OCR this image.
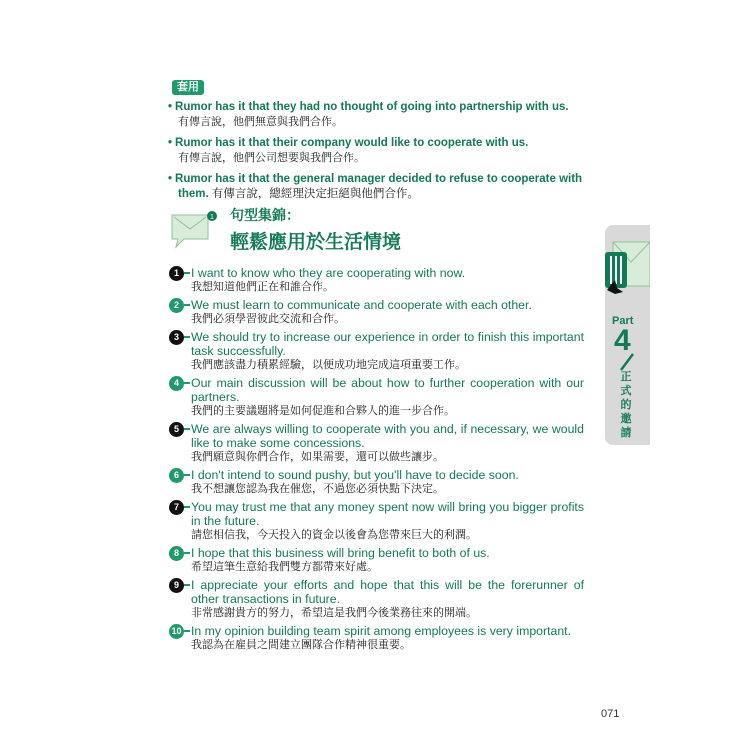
套用
• Rumor has it that they had no thought of going into partnership with us.
有傳言說，他們無意與我們合作。
• Rumor has it that their company would like to cooperate with us.
有傳言說，他們公司想要與我們合作。
• Rumor has it that the general manager decided to refuse to cooperate with them. 有傳言說，總經理決定拒絕與他們合作。
1 句型集錦：
輕鬆應用於生活情境
1 I want to know who they are cooperating with now.
我想知道他們正在和誰合作。
2 We must learn to communicate and cooperate with each other.
我們必須學習彼此交流和合作。
3 We should try to increase our experience in order to finish this important task successfully.
我們應該盡力積累經驗，以便成功地完成這項重要工作。
4 Our main discussion will be about how to further cooperation with our partners.
我們的主要議題將是如何促進和合夥人的進一步合作。
5 We are always willing to cooperate with you and, if necessary, we would like to make some concessions.
我們願意與你們合作，如果需要，還可以做些讓步。
6 I don't intend to sound pushy, but you'll have to decide soon.
我不想讓您認為我在催您，不過您必須快點下決定。
7 You may trust me that any money spent now will bring you bigger profits in the future.
請您相信我，今天投入的資金以後會為您帶來巨大的利潤。
8 I hope that this business will bring benefit to both of us.
希望這筆生意給我們雙方都帶來好處。
9 I appreciate your efforts and hope that this will be the forerunner of other transactions in future.
非常感謝貴方的努力，希望這是我們今後業務往來的開端。
10 In my opinion building team spirit among employees is very important.
我認為在雇員之間建立團隊合作精神很重要。
Part
4
正式的邀請
071
